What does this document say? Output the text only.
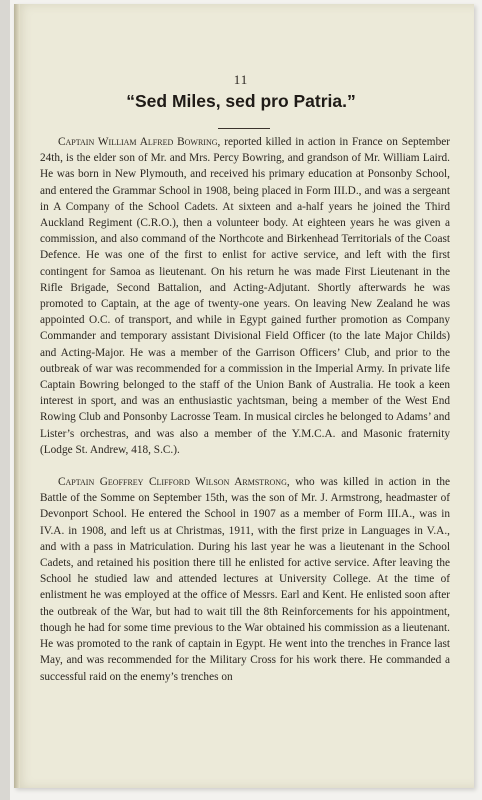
11
“Sed Miles, sed pro Patria.”

Captain William Alfred Bowring, reported killed in action in France on September 24th, is the elder son of Mr. and Mrs. Percy Bowring, and grandson of Mr. William Laird. He was born in New Plymouth, and received his primary education at Ponsonby School, and entered the Grammar School in 1908, being placed in Form III.D., and was a sergeant in A Company of the School Cadets. At sixteen and a-half years he joined the Third Auckland Regiment (C.R.O.), then a volunteer body. At eighteen years he was given a commission, and also command of the Northcote and Birkenhead Territorials of the Coast Defence. He was one of the first to enlist for active service, and left with the first contingent for Samoa as lieutenant. On his return he was made First Lieutenant in the Rifle Brigade, Second Battalion, and Acting-Adjutant. Shortly afterwards he was promoted to Captain, at the age of twenty-one years. On leaving New Zealand he was appointed O.C. of transport, and while in Egypt gained further promotion as Company Commander and temporary assistant Divisional Field Officer (to the late Major Childs) and Acting-Major. He was a member of the Garrison Officers’ Club, and prior to the outbreak of war was recommended for a commission in the Imperial Army. In private life Captain Bowring belonged to the staff of the Union Bank of Australia. He took a keen interest in sport, and was an enthusiastic yachtsman, being a member of the West End Rowing Club and Ponsonby Lacrosse Team. In musical circles he belonged to Adams’ and Lister’s orchestras, and was also a member of the Y.M.C.A. and Masonic fraternity (Lodge St. Andrew, 418, S.C.).

Captain Geoffrey Clifford Wilson Armstrong, who was killed in action in the Battle of the Somme on September 15th, was the son of Mr. J. Armstrong, headmaster of Devonport School. He entered the School in 1907 as a member of Form III.A., was in IV.A. in 1908, and left us at Christmas, 1911, with the first prize in Languages in V.A., and with a pass in Matriculation. During his last year he was a lieutenant in the School Cadets, and retained his position there till he enlisted for active service. After leaving the School he studied law and attended lectures at University College. At the time of enlistment he was employed at the office of Messrs. Earl and Kent. He enlisted soon after the outbreak of the War, but had to wait till the 8th Reinforcements for his appointment, though he had for some time previous to the War obtained his commission as a lieutenant. He was promoted to the rank of captain in Egypt. He went into the trenches in France last May, and was recommended for the Military Cross for his work there. He commanded a successful raid on the enemy’s trenches on
